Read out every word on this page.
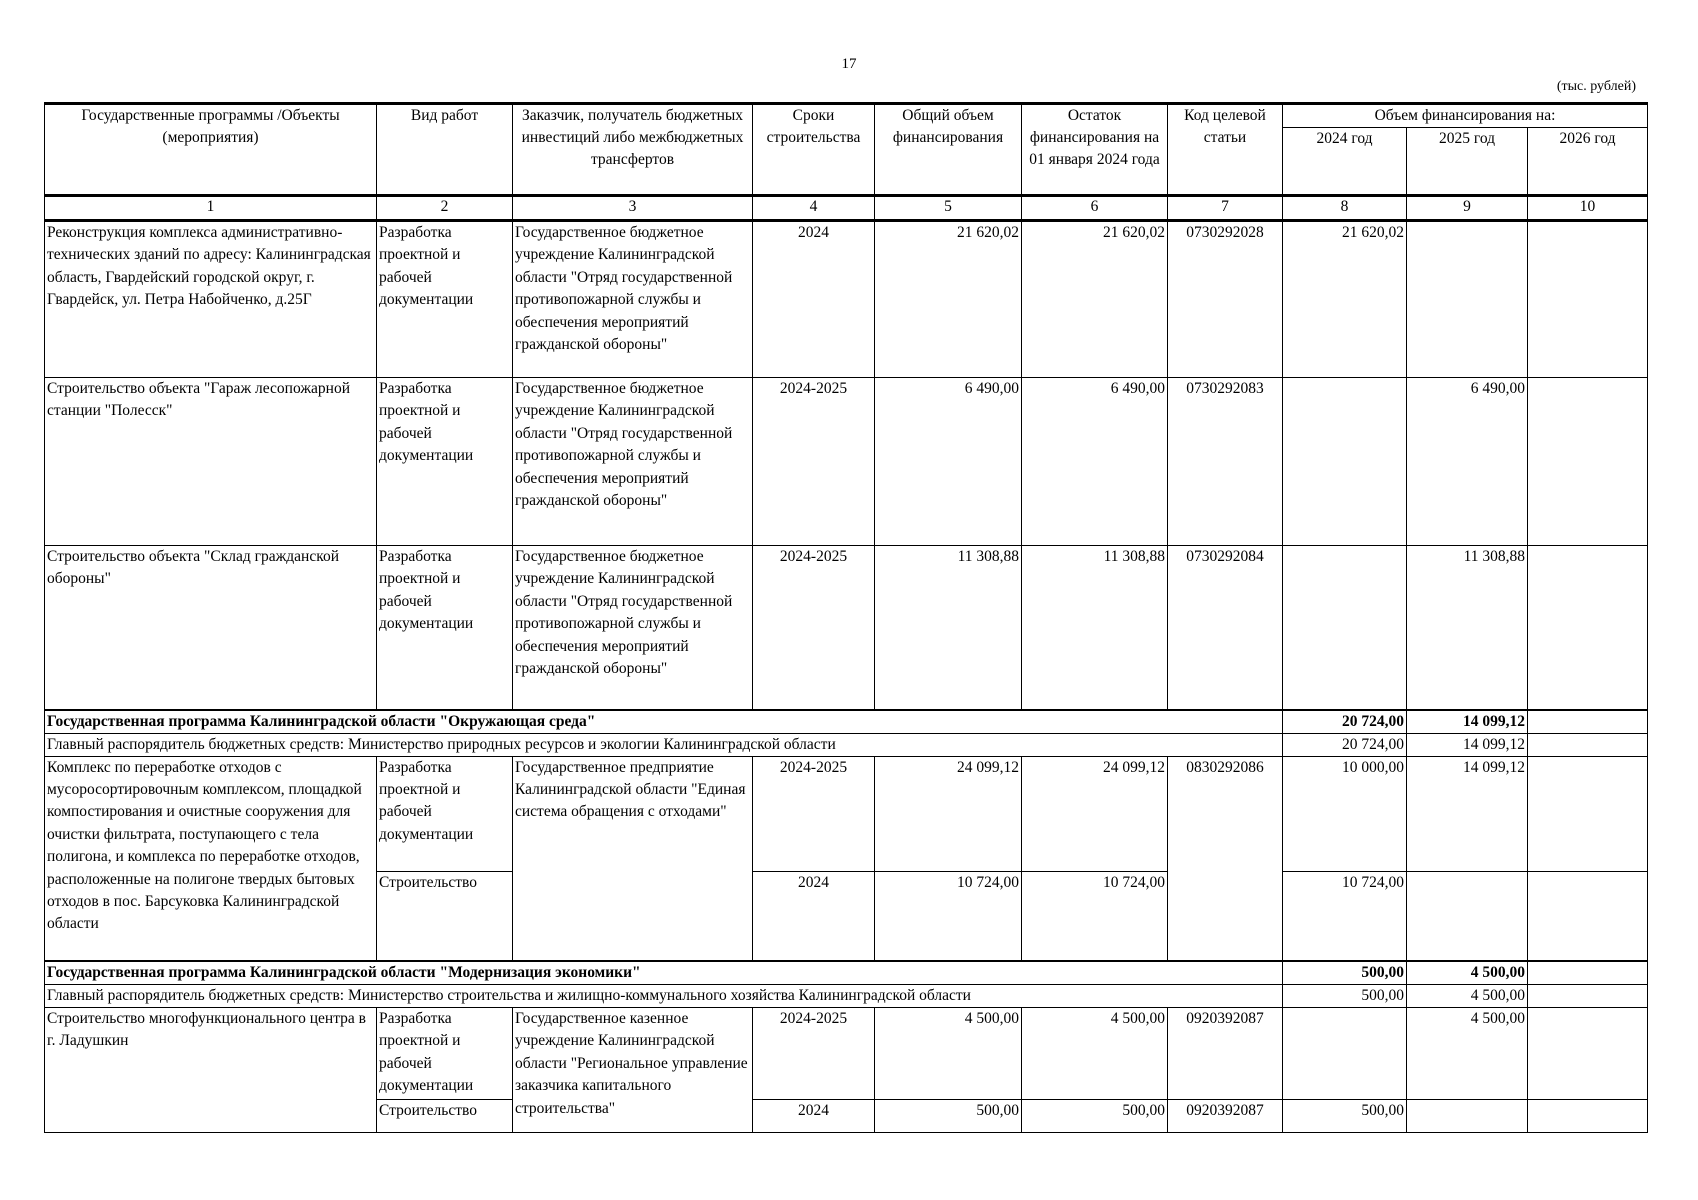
17
(тыс. рублей)
Государственные программы /Объекты (мероприятия)	Вид работ	Заказчик, получатель бюджетных инвестиций либо межбюджетных трансфертов	Сроки строительства	Общий объем финансирования	Остаток финансирования на 01 января 2024 года	Код целевой статьи	Объем финансирования на:		
							2024 год	2025 год	2026 год
1	2	3	4	5	6	7	8	9	10
Реконструкция комплекса административно-технических зданий по адресу: Калининградская область, Гвардейский городской округ, г. Гвардейск, ул. Петра Набойченко, д.25Г	Разработка проектной и рабочей документации	Государственное бюджетное учреждение Калининградской области "Отряд государственной противопожарной службы и обеспечения мероприятий гражданской обороны"	2024	21 620,02	21 620,02	0730292028	21 620,02		
Строительство объекта "Гараж лесопожарной станции "Полесск"	Разработка проектной и рабочей документации	Государственное бюджетное учреждение Калининградской области "Отряд государственной противопожарной службы и обеспечения мероприятий гражданской обороны"	2024-2025	6 490,00	6 490,00	0730292083		6 490,00	
Строительство объекта "Склад гражданской обороны"	Разработка проектной и рабочей документации	Государственное бюджетное учреждение Калининградской области "Отряд государственной противопожарной службы и обеспечения мероприятий гражданской обороны"	2024-2025	11 308,88	11 308,88	0730292084		11 308,88	
Государственная программа Калининградской области "Окружающая среда"							20 724,00	14 099,12	
Главный распорядитель бюджетных средств: Министерство природных ресурсов и экологии Калининградской области							20 724,00	14 099,12	
Комплекс по переработке отходов с мусоросортировочным комплексом, площадкой компостирования и очистные сооружения для очистки фильтрата, поступающего с тела полигона, и комплекса по переработке отходов, расположенные на полигоне твердых бытовых отходов в пос. Барсуковка Калининградской области	Разработка проектной и рабочей документации	Государственное предприятие Калининградской области "Единая система обращения с отходами"	2024-2025	24 099,12	24 099,12	0830292086	10 000,00	14 099,12	
	Строительство		2024	10 724,00	10 724,00		10 724,00		
Государственная программа Калининградской области "Модернизация экономики"							500,00	4 500,00	
Главный распорядитель бюджетных средств: Министерство строительства и жилищно-коммунального хозяйства Калининградской области							500,00	4 500,00	
Строительство многофункционального центра в г. Ладушкин	Разработка проектной и рабочей документации	Государственное казенное учреждение Калининградской области "Региональное управление заказчика капитального строительства"	2024-2025	4 500,00	4 500,00	0920392087		4 500,00	
	Строительство		2024	500,00	500,00	0920392087	500,00		
